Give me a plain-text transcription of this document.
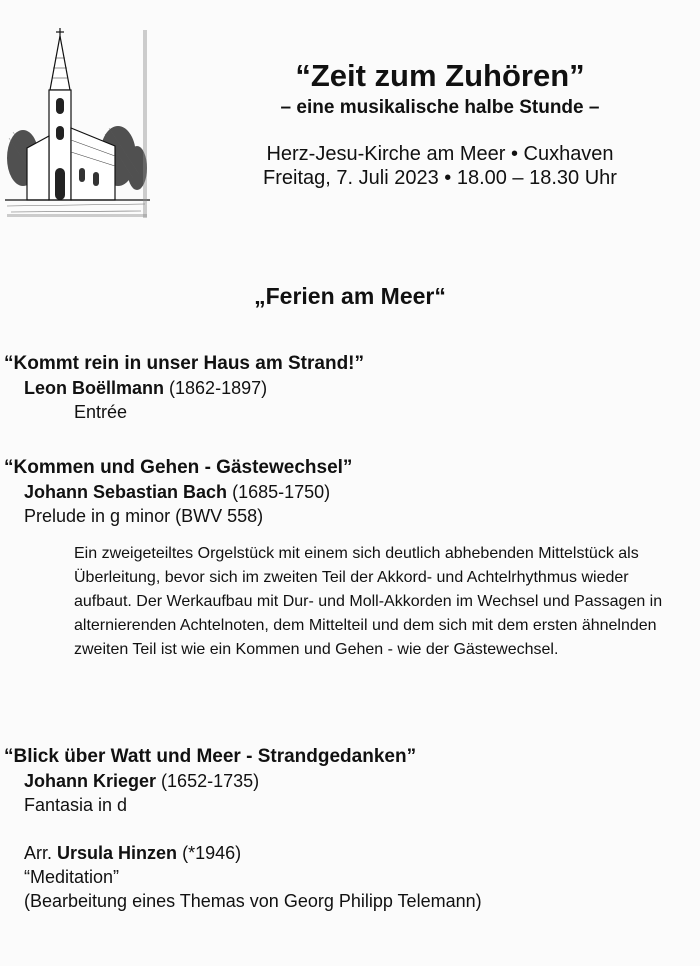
“Zeit zum Zuhören”

– eine musikalische halbe Stunde –

Herz-Jesu-Kirche am Meer • Cuxhaven

Freitag, 7. Juli 2023 • 18.00 – 18.30 Uhr

„Ferien am Meer“
“Kommt rein in unser Haus am Strand!”
Leon Boëllmann (1862-1897)
Entrée
“Kommen und Gehen - Gästewechsel”
Johann Sebastian Bach (1685-1750)
Prelude in g minor (BWV 558)
Ein zweigeteiltes Orgelstück mit einem sich deutlich abhebenden Mittelstück als Überleitung, bevor sich im zweiten Teil der Akkord- und Achtelrhythmus wieder aufbaut. Der Werkaufbau mit Dur- und Moll-Akkorden im Wechsel und Passagen in alternierenden Achtelnoten, dem Mittelteil und dem sich mit dem ersten ähnelnden zweiten Teil ist wie ein Kommen und Gehen - wie der Gästewechsel.
“Blick über Watt und Meer - Strandgedanken”
Johann Krieger (1652-1735)
Fantasia in d
Arr. Ursula Hinzen (*1946)
“Meditation”
(Bearbeitung eines Themas von Georg Philipp Telemann)
